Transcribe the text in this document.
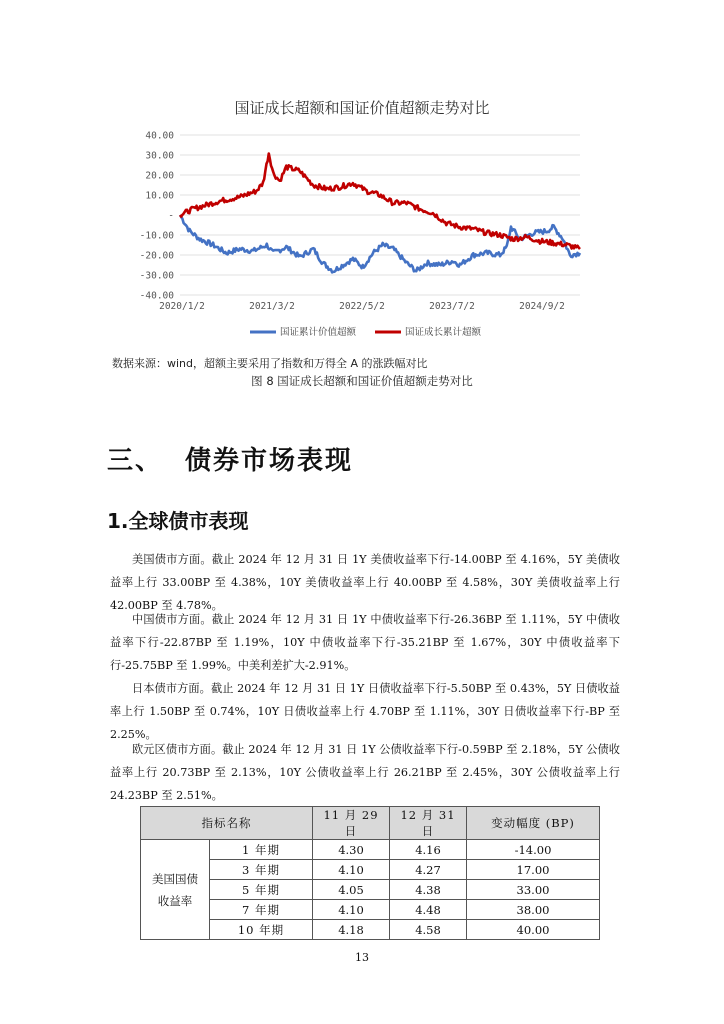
国证成长超额和国证价值超额走势对比
40.00
30.00
20.00
10.00
-
-10.00
-20.00
-30.00
-40.00
2020/1/2	2021/3/2	2022/5/2	2023/7/2	2024/9/2
国证累计价值超额	国证成长累计超额
数据来源：wind，超额主要采用了指数和万得全 A 的涨跌幅对比
图 8 国证成长超额和国证价值超额走势对比
三、 债券市场表现
1.全球债市表现
美国债市方面。截止 2024 年 12 月 31 日 1Y 美债收益率下行-14.00BP 至 4.16%，5Y 美债收益率上行 33.00BP 至 4.38%，10Y 美债收益率上行 40.00BP 至 4.58%，30Y 美债收益率上行 42.00BP 至 4.78%。
中国债市方面。截止 2024 年 12 月 31 日 1Y 中债收益率下行-26.36BP 至 1.11%，5Y 中债收益率下行-22.87BP 至 1.19%，10Y 中债收益率下行-35.21BP 至 1.67%，30Y 中债收益率下行-25.75BP 至 1.99%。中美利差扩大-2.91%。
日本债市方面。截止 2024 年 12 月 31 日 1Y 日债收益率下行-5.50BP 至 0.43%，5Y 日债收益率上行 1.50BP 至 0.74%，10Y 日债收益率上行 4.70BP 至 1.11%，30Y 日债收益率下行-BP 至 2.25%。
欧元区债市方面。截止 2024 年 12 月 31 日 1Y 公债收益率下行-0.59BP 至 2.18%，5Y 公债收益率上行 20.73BP 至 2.13%，10Y 公债收益率上行 26.21BP 至 2.45%，30Y 公债收益率上行 24.23BP 至 2.51%。
指标名称		11 月 29 日	12 月 31 日	变动幅度 (BP)
美国国债收益率	1 年期	4.30	4.16	-14.00
	3 年期	4.10	4.27	17.00
	5 年期	4.05	4.38	33.00
	7 年期	4.10	4.48	38.00
	10 年期	4.18	4.58	40.00
13
